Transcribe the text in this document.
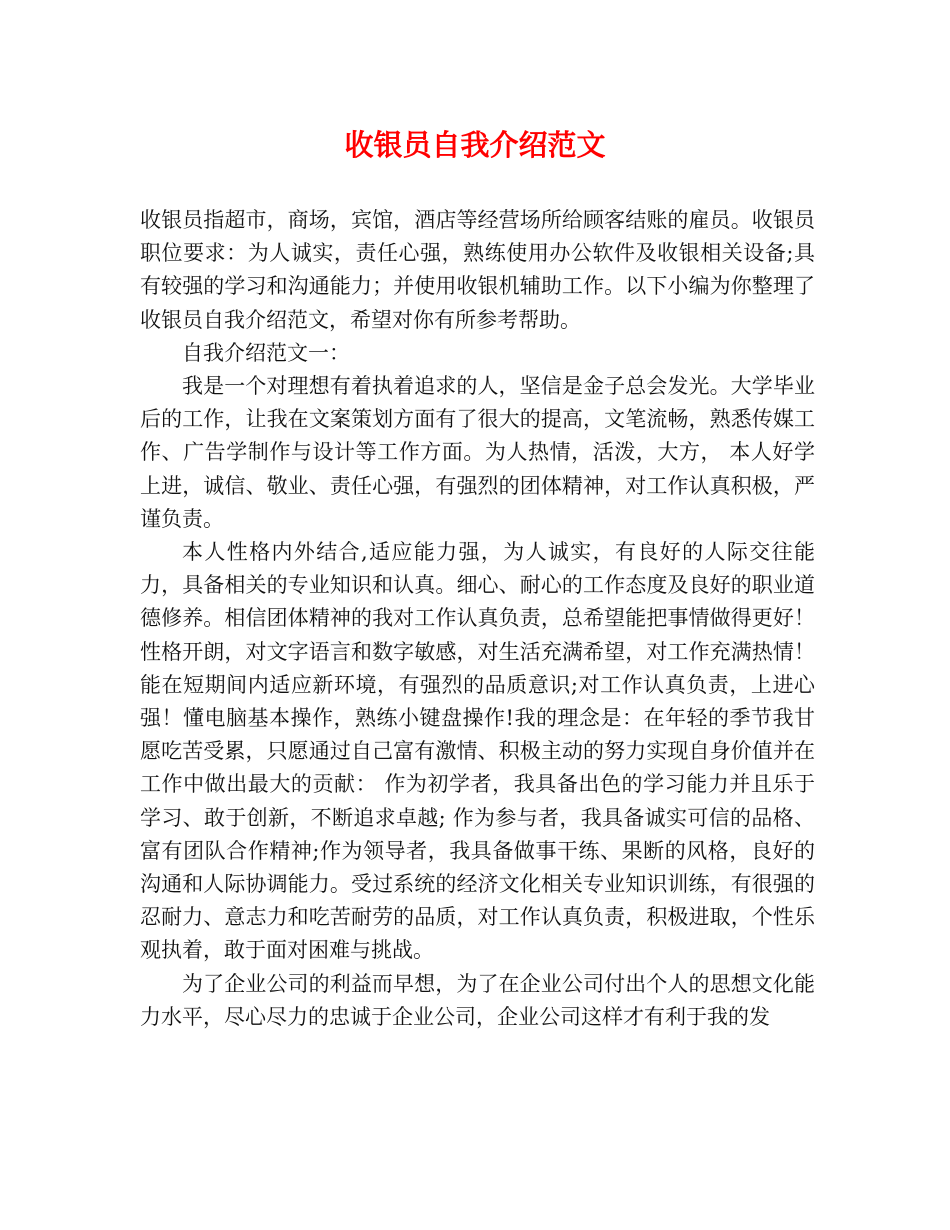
收银员自我介绍范文

收银员指超市，商场，宾馆，酒店等经营场所给顾客结账的雇员。收银员职位要求：为人诚实，责任心强，熟练使用办公软件及收银相关设备;具有较强的学习和沟通能力；并使用收银机辅助工作。以下小编为你整理了收银员自我介绍范文，希望对你有所参考帮助。

自我介绍范文一：

我是一个对理想有着执着追求的人，坚信是金子总会发光。大学毕业后的工作，让我在文案策划方面有了很大的提高，文笔流畅，熟悉传媒工作、广告学制作与设计等工作方面。为人热情，活泼，大方， 本人好学上进，诚信、敬业、责任心强，有强烈的团体精神，对工作认真积极，严谨负责。

本人性格内外结合,适应能力强，为人诚实，有良好的人际交往能力，具备相关的专业知识和认真。细心、耐心的工作态度及良好的职业道德修养。相信团体精神的我对工作认真负责，总希望能把事情做得更好！性格开朗，对文字语言和数字敏感，对生活充满希望，对工作充满热情！能在短期间内适应新环境，有强烈的品质意识;对工作认真负责，上进心强！懂电脑基本操作，熟练小键盘操作!我的理念是：在年轻的季节我甘愿吃苦受累，只愿通过自己富有激情、积极主动的努力实现自身价值并在工作中做出最大的贡献： 作为初学者，我具备出色的学习能力并且乐于学习、敢于创新，不断追求卓越; 作为参与者，我具备诚实可信的品格、富有团队合作精神;作为领导者，我具备做事干练、果断的风格，良好的沟通和人际协调能力。受过系统的经济文化相关专业知识训练，有很强的忍耐力、意志力和吃苦耐劳的品质，对工作认真负责，积极进取，个性乐观执着，敢于面对困难与挑战。

为了企业公司的利益而早想，为了在企业公司付出个人的思想文化能力水平，尽心尽力的忠诚于企业公司，企业公司这样才有利于我的发
